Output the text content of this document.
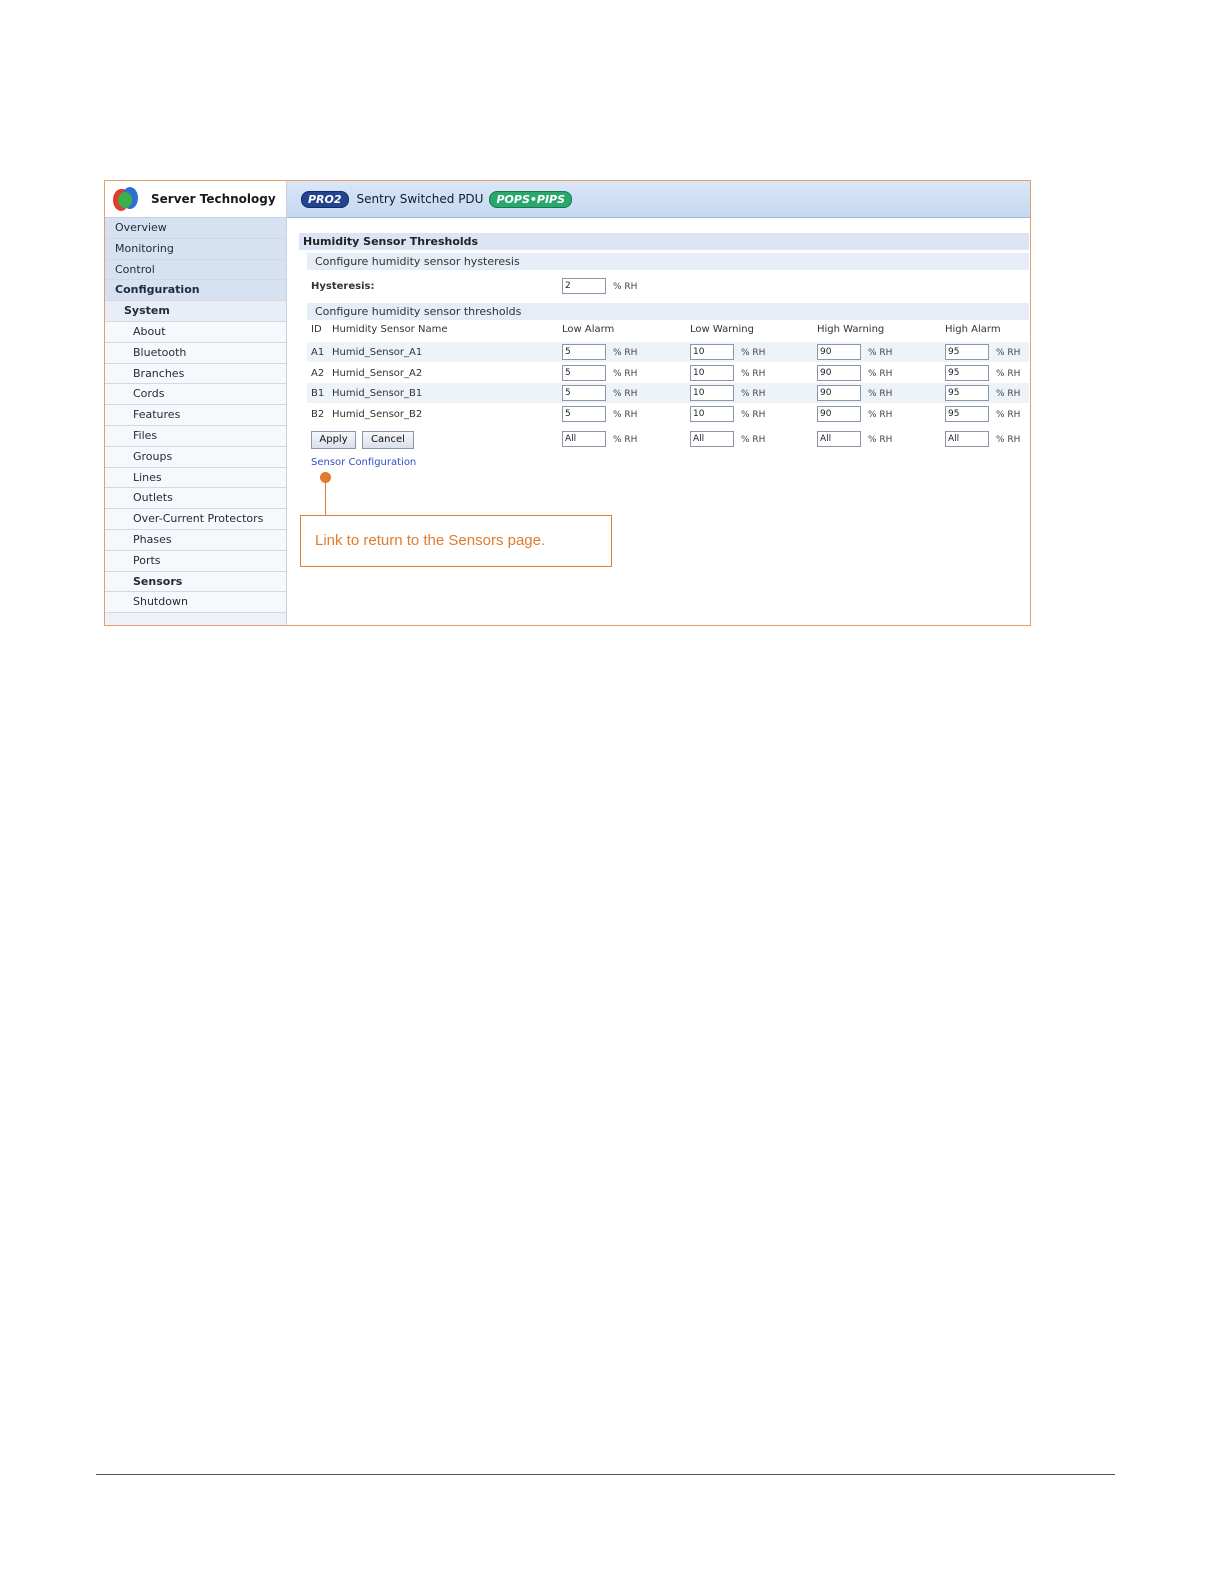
Server Technology
Overview
Monitoring
Control
Configuration
System
About
Bluetooth
Branches
Cords
Features
Files
Groups
Lines
Outlets
Over-Current Protectors
Phases
Ports
Sensors
Shutdown
PRO2	Sentry Switched PDU	POPS•PIPS
Humidity Sensor Thresholds
Configure humidity sensor hysteresis
Hysteresis:	2	% RH
Configure humidity sensor thresholds
ID Humidity Sensor Name	Low Alarm	Low Warning	High Warning	High Alarm
A1 Humid_Sensor_A1	5	% RH	10	% RH	90	% RH	95	% RH
A2 Humid_Sensor_A2	5	% RH	10	% RH	90	% RH	95	% RH
B1 Humid_Sensor_B1	5	% RH	10	% RH	90	% RH	95	% RH
B2 Humid_Sensor_B2	5	% RH	10	% RH	90	% RH	95	% RH
Apply	Cancel	All	% RH	All	% RH	All	% RH	All	% RH
Sensor Configuration
Link to return to the Sensors page.
